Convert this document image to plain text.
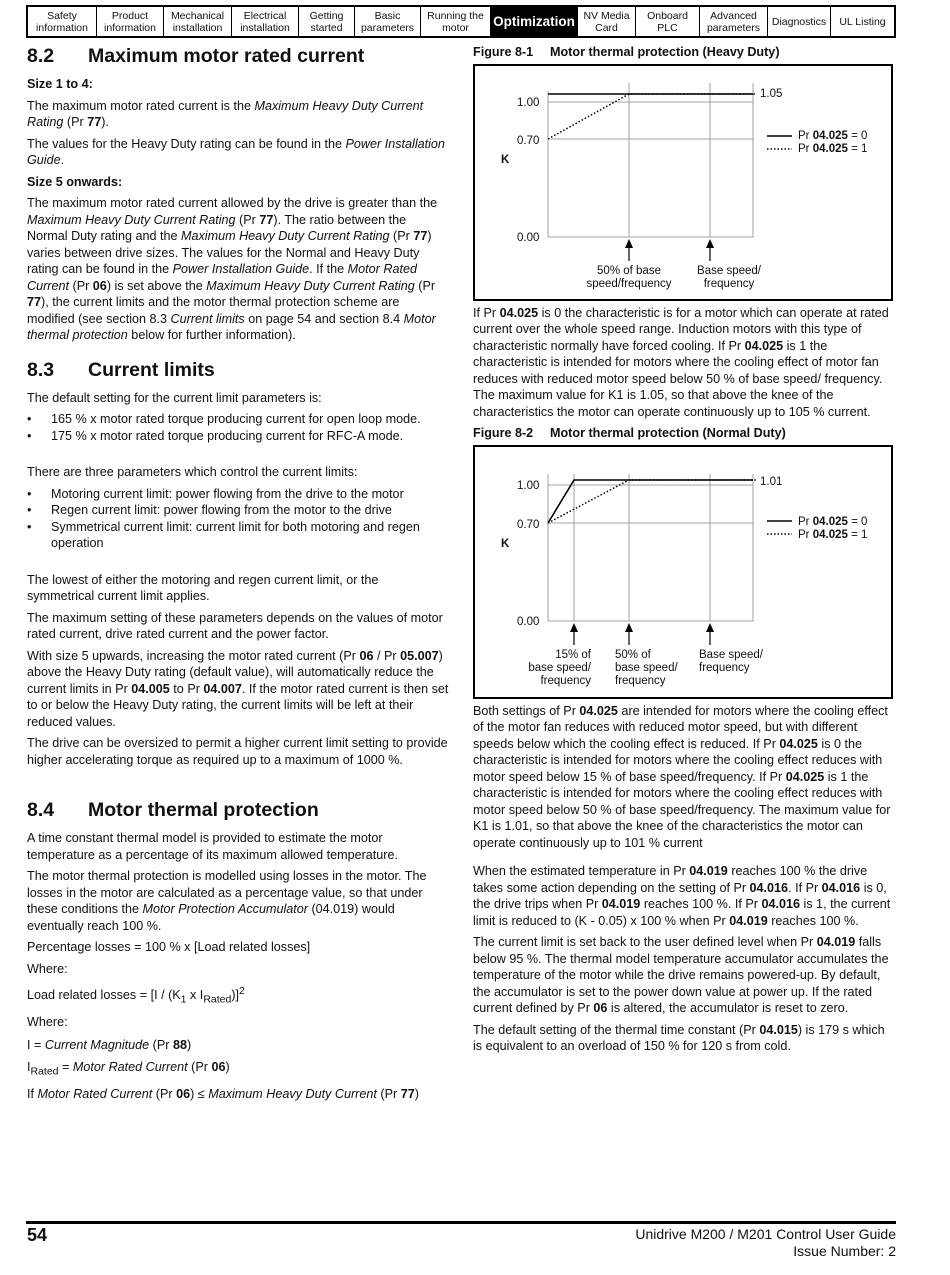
Safety
information
Product
information
Mechanical
installation
Electrical
installation
Getting
started
Basic
parameters
Running the
motor	Optimization NV Media
Card
Onboard
PLC
Advanced
parameters	Diagnostics	UL Listing
8.2	Maximum motor rated current

Size 1 to 4:

The maximum motor rated current is the Maximum Heavy Duty Current Rating (Pr 77).

The values for the Heavy Duty rating can be found in the Power Installation Guide.

Size 5 onwards:

The maximum motor rated current allowed by the drive is greater than the Maximum Heavy Duty Current Rating (Pr 77). The ratio between the Normal Duty rating and the Maximum Heavy Duty Current Rating (Pr 77) varies between drive sizes. The values for the Normal and Heavy Duty rating can be found in the Power Installation Guide. If the Motor Rated Current (Pr 06) is set above the Maximum Heavy Duty Current Rating (Pr 77), the current limits and the motor thermal protection scheme are modified (see section 8.3 Current limits on page 54 and section 8.4 Motor thermal protection below for further information).

8.3	Current limits

The default setting for the current limit parameters is:

• 165 % x motor rated torque producing current for open loop mode.
• 175 % x motor rated torque producing current for RFC-A mode.

There are three parameters which control the current limits:

• Motoring current limit: power flowing from the drive to the motor
• Regen current limit: power flowing from the motor to the drive
• Symmetrical current limit: current limit for both motoring and regen operation

The lowest of either the motoring and regen current limit, or the symmetrical current limit applies.

The maximum setting of these parameters depends on the values of motor rated current, drive rated current and the power factor.

With size 5 upwards, increasing the motor rated current (Pr 06 / Pr 05.007) above the Heavy Duty rating (default value), will automatically reduce the current limits in Pr 04.005 to Pr 04.007. If the motor rated current is then set to or below the Heavy Duty rating, the current limits will be left at their reduced values.

The drive can be oversized to permit a higher current limit setting to provide higher accelerating torque as required up to a maximum of 1000 %.

8.4	Motor thermal protection

A time constant thermal model is provided to estimate the motor temperature as a percentage of its maximum allowed temperature.

The motor thermal protection is modelled using losses in the motor. The losses in the motor are calculated as a percentage value, so that under these conditions the Motor Protection Accumulator (04.019) would eventually reach 100 %.

Percentage losses = 100 % x [Load related losses]

Where:

Load related losses = [$I / (K_1$ x $I_{Rated})]^2$

Where:

I = Current Magnitude (Pr 88)

$I_{Rated}$ = Motor Rated Current (Pr 06)

If Motor Rated Current (Pr 06) ≤ Maximum Heavy Duty Current (Pr 77)

Figure 8-1 Motor thermal protection (Heavy Duty)

1.00
0.70
0.00
K
1.05
Pr 04.025 = 0
Pr 04.025 = 1
50% of base speed/frequency
Base speed/ frequency

If Pr 04.025 is 0 the characteristic is for a motor which can operate at rated current over the whole speed range. Induction motors with this type of characteristic normally have forced cooling. If Pr 04.025 is 1 the characteristic is intended for motors where the cooling effect of motor fan reduces with reduced motor speed below 50 % of base speed/ frequency. The maximum value for K1 is 1.05, so that above the knee of the characteristics the motor can operate continuously up to 105 % current.

Figure 8-2 Motor thermal protection (Normal Duty)

1.00
0.70
0.00
K
1.01
Pr 04.025 = 0
Pr 04.025 = 1
15% of base speed/ frequency
50% of base speed/ frequency
Base speed/ frequency

Both settings of Pr 04.025 are intended for motors where the cooling effect of the motor fan reduces with reduced motor speed, but with different speeds below which the cooling effect is reduced. If Pr 04.025 is 0 the characteristic is intended for motors where the cooling effect reduces with motor speed below 15 % of base speed/frequency. If Pr 04.025 is 1 the characteristic is intended for motors where the cooling effect reduces with motor speed below 50 % of base speed/frequency. The maximum value for K1 is 1.01, so that above the knee of the characteristics the motor can operate continuously up to 101 % current

When the estimated temperature in Pr 04.019 reaches 100 % the drive takes some action depending on the setting of Pr 04.016. If Pr 04.016 is 0, the drive trips when Pr 04.019 reaches 100 %. If Pr 04.016 is 1, the current limit is reduced to (K - 0.05) x 100 % when Pr 04.019 reaches 100 %.

The current limit is set back to the user defined level when Pr 04.019 falls below 95 %. The thermal model temperature accumulator accumulates the temperature of the motor while the drive remains powered-up. By default, the accumulator is set to the power down value at power up. If the rated current defined by Pr 06 is altered, the accumulator is reset to zero.

The default setting of the thermal time constant (Pr 04.015) is 179 s which is equivalent to an overload of 150 % for 120 s from cold.

54	Unidrive M200 / M201 Control User Guide
Issue Number: 2
